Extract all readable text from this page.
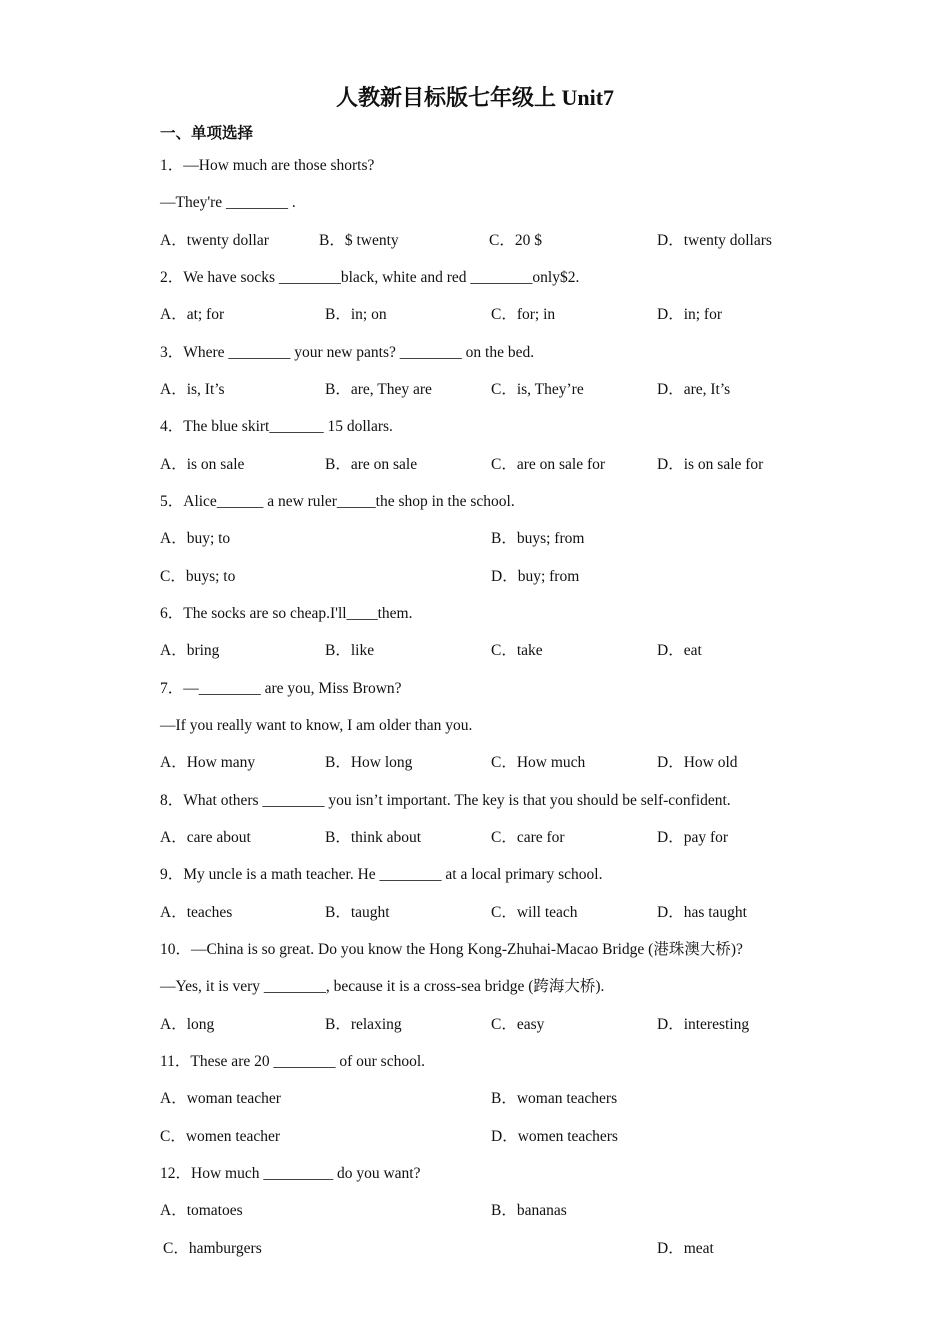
人教新目标版七年级上 Unit7
一、单项选择
1．—How much are those shorts?
—They're ________ .
A．twenty dollar	B．$ twenty	C．20 $	D．twenty dollars
2．We have socks ________black, white and red ________only$2.
A．at; for	B．in; on	C．for; in	D．in; for
3．Where ________ your new pants? ________ on the bed.
A．is, It’s	B．are, They are	C．is, They’re	D．are, It’s
4．The blue skirt_______ 15 dollars.
A．is on sale	B．are on sale	C．are on sale for	D．is on sale for
5．Alice______ a new ruler_____the shop in the school.
A．buy; to	B．buys; from
C．buys; to	D．buy; from
6．The socks are so cheap.I'll____them.
A．bring	B．like	C．take	D．eat
7．—________ are you, Miss Brown?
—If you really want to know, I am older than you.
A．How many	B．How long	C．How much	D．How old
8．What others ________ you isn’t important. The key is that you should be self-confident.
A．care about	B．think about	C．care for	D．pay for
9．My uncle is a math teacher. He ________ at a local primary school.
A．teaches	B．taught	C．will teach	D．has taught
10．—China is so great. Do you know the Hong Kong-Zhuhai-Macao Bridge (港珠澳大桥)?
—Yes, it is very ________, because it is a cross-sea bridge (跨海大桥).
A．long	B．relaxing	C．easy	D．interesting
11．These are 20 ________ of our school.
A．woman teacher	B．woman teachers
C．women teacher	D．women teachers
12．How much _________ do you want?
A．tomatoes	B．bananas
C．hamburgers	D．meat
